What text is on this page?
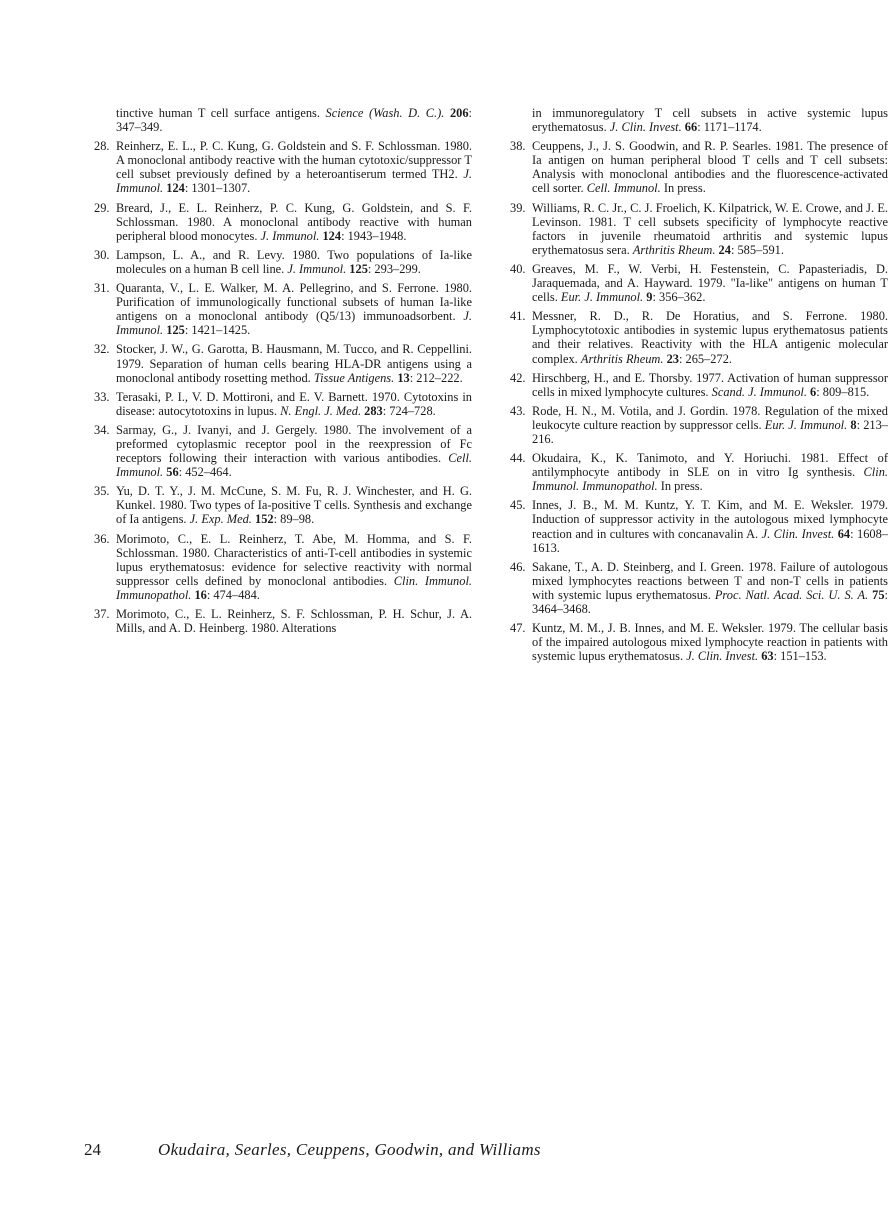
tinctive human T cell surface antigens. Science (Wash. D. C.). 206: 347–349.
28. Reinherz, E. L., P. C. Kung, G. Goldstein and S. F. Schlossman. 1980. A monoclonal antibody reactive with the human cytotoxic/suppressor T cell subset previously defined by a heteroantiserum termed TH2. J. Immunol. 124: 1301–1307.
29. Breard, J., E. L. Reinherz, P. C. Kung, G. Goldstein, and S. F. Schlossman. 1980. A monoclonal antibody reactive with human peripheral blood monocytes. J. Immunol. 124: 1943–1948.
30. Lampson, L. A., and R. Levy. 1980. Two populations of Ia-like molecules on a human B cell line. J. Immunol. 125: 293–299.
31. Quaranta, V., L. E. Walker, M. A. Pellegrino, and S. Ferrone. 1980. Purification of immunologically functional subsets of human Ia-like antigens on a monoclonal antibody (Q5/13) immunoadsorbent. J. Immunol. 125: 1421–1425.
32. Stocker, J. W., G. Garotta, B. Hausmann, M. Tucco, and R. Ceppellini. 1979. Separation of human cells bearing HLA-DR antigens using a monoclonal antibody rosetting method. Tissue Antigens. 13: 212–222.
33. Terasaki, P. I., V. D. Mottironi, and E. V. Barnett. 1970. Cytotoxins in disease: autocytotoxins in lupus. N. Engl. J. Med. 283: 724–728.
34. Sarmay, G., J. Ivanyi, and J. Gergely. 1980. The involvement of a preformed cytoplasmic receptor pool in the reexpression of Fc receptors following their interaction with various antibodies. Cell. Immunol. 56: 452–464.
35. Yu, D. T. Y., J. M. McCune, S. M. Fu, R. J. Winchester, and H. G. Kunkel. 1980. Two types of Ia-positive T cells. Synthesis and exchange of Ia antigens. J. Exp. Med. 152: 89–98.
36. Morimoto, C., E. L. Reinherz, T. Abe, M. Homma, and S. F. Schlossman. 1980. Characteristics of anti-T-cell antibodies in systemic lupus erythematosus: evidence for selective reactivity with normal suppressor cells defined by monoclonal antibodies. Clin. Immunol. Immunopathol. 16: 474–484.
37. Morimoto, C., E. L. Reinherz, S. F. Schlossman, P. H. Schur, J. A. Mills, and A. D. Heinberg. 1980. Alterations
in immunoregulatory T cell subsets in active systemic lupus erythematosus. J. Clin. Invest. 66: 1171–1174.
38. Ceuppens, J., J. S. Goodwin, and R. P. Searles. 1981. The presence of Ia antigen on human peripheral blood T cells and T cell subsets: Analysis with monoclonal antibodies and the fluorescence-activated cell sorter. Cell. Immunol. In press.
39. Williams, R. C. Jr., C. J. Froelich, K. Kilpatrick, W. E. Crowe, and J. E. Levinson. 1981. T cell subsets specificity of lymphocyte reactive factors in juvenile rheumatoid arthritis and systemic lupus erythematosus sera. Arthritis Rheum. 24: 585–591.
40. Greaves, M. F., W. Verbi, H. Festenstein, C. Papasteriadis, D. Jaraquemada, and A. Hayward. 1979. "Ia-like" antigens on human T cells. Eur. J. Immunol. 9: 356–362.
41. Messner, R. D., R. De Horatius, and S. Ferrone. 1980. Lymphocytotoxic antibodies in systemic lupus erythematosus patients and their relatives. Reactivity with the HLA antigenic molecular complex. Arthritis Rheum. 23: 265–272.
42. Hirschberg, H., and E. Thorsby. 1977. Activation of human suppressor cells in mixed lymphocyte cultures. Scand. J. Immunol. 6: 809–815.
43. Rode, H. N., M. Votila, and J. Gordin. 1978. Regulation of the mixed leukocyte culture reaction by suppressor cells. Eur. J. Immunol. 8: 213–216.
44. Okudaira, K., K. Tanimoto, and Y. Horiuchi. 1981. Effect of antilymphocyte antibody in SLE on in vitro Ig synthesis. Clin. Immunol. Immunopathol. In press.
45. Innes, J. B., M. M. Kuntz, Y. T. Kim, and M. E. Weksler. 1979. Induction of suppressor activity in the autologous mixed lymphocyte reaction and in cultures with concanavalin A. J. Clin. Invest. 64: 1608–1613.
46. Sakane, T., A. D. Steinberg, and I. Green. 1978. Failure of autologous mixed lymphocytes reactions between T and non-T cells in patients with systemic lupus erythematosus. Proc. Natl. Acad. Sci. U. S. A. 75: 3464–3468.
47. Kuntz, M. M., J. B. Innes, and M. E. Weksler. 1979. The cellular basis of the impaired autologous mixed lymphocyte reaction in patients with systemic lupus erythematosus. J. Clin. Invest. 63: 151–153.
24	Okudaira, Searles, Ceuppens, Goodwin, and Williams
